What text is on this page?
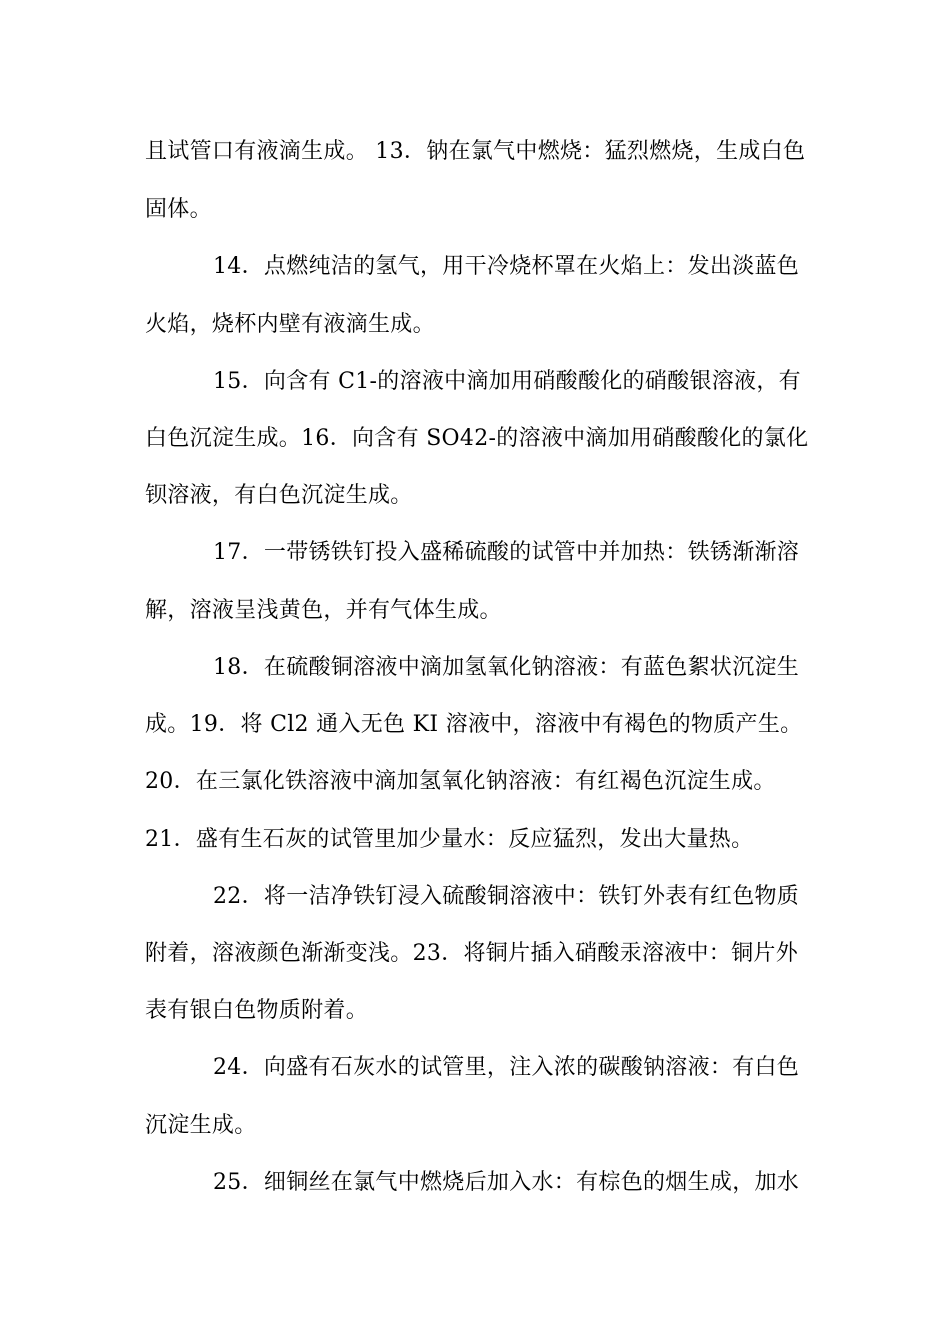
且试管口有液滴生成。 13．钠在氯气中燃烧：猛烈燃烧，生成白色
固体。
14．点燃纯洁的氢气，用干冷烧杯罩在火焰上：发出淡蓝色
火焰，烧杯内壁有液滴生成。
15．向含有 C1-的溶液中滴加用硝酸酸化的硝酸银溶液，有
白色沉淀生成。16．向含有 SO42-的溶液中滴加用硝酸酸化的氯化
钡溶液，有白色沉淀生成。
17．一带锈铁钉投入盛稀硫酸的试管中并加热：铁锈渐渐溶
解，溶液呈浅黄色，并有气体生成。
18．在硫酸铜溶液中滴加氢氧化钠溶液：有蓝色絮状沉淀生
成。19．将 Cl2 通入无色 KI 溶液中，溶液中有褐色的物质产生。
20．在三氯化铁溶液中滴加氢氧化钠溶液：有红褐色沉淀生成。
21．盛有生石灰的试管里加少量水：反应猛烈，发出大量热。
22．将一洁净铁钉浸入硫酸铜溶液中：铁钉外表有红色物质
附着，溶液颜色渐渐变浅。23．将铜片插入硝酸汞溶液中：铜片外
表有银白色物质附着。
24．向盛有石灰水的试管里，注入浓的碳酸钠溶液：有白色
沉淀生成。
25．细铜丝在氯气中燃烧后加入水：有棕色的烟生成，加水
